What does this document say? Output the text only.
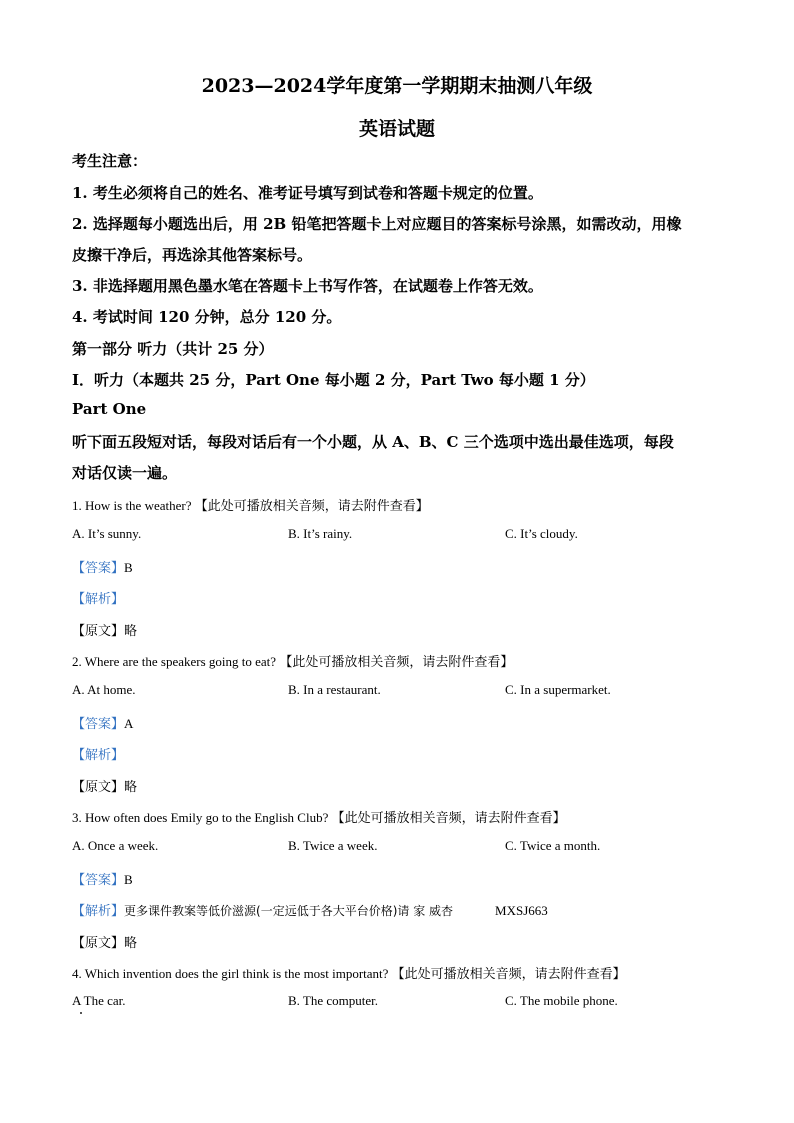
2023—2024学年度第一学期期末抽测八年级
英语试题
考生注意：
1. 考生必须将自己的姓名、准考证号填写到试卷和答题卡规定的位置。
2. 选择题每小题选出后，用 2B 铅笔把答题卡上对应题目的答案标号涂黑，如需改动，用橡
皮擦干净后，再选涂其他答案标号。
3. 非选择题用黑色墨水笔在答题卡上书写作答，在试题卷上作答无效。
4. 考试时间 120 分钟，总分 120 分。
第一部分 听力（共计 25 分）
Ⅰ．听力（本题共 25 分，Part One 每小题 2 分，Part Two 每小题 1 分）
Part One
听下面五段短对话，每段对话后有一个小题，从 A、B、C 三个选项中选出最佳选项，每段
对话仅读一遍。
1. How is the weather? 【此处可播放相关音频，请去附件查看】
A. It’s sunny.	B. It’s rainy.	C. It’s cloudy.
【答案】B
【解析】
【原文】略
2. Where are the speakers going to eat? 【此处可播放相关音频，请去附件查看】
A. At home.	B. In a restaurant.	C. In a supermarket.
【答案】A
【解析】
【原文】略
3. How often does Emily go to the English Club? 【此处可播放相关音频，请去附件查看】
A. Once a week.	B. Twice a week.	C. Twice a month.
【答案】B
【解析】更多课件教案等低价滋源(一定远低于各大平台价格)请 家 威杏	MXSJ663
【原文】略
4. Which invention does the girl think is the most important? 【此处可播放相关音频，请去附件查看】
A The car.	B. The computer.	C. The mobile phone.
